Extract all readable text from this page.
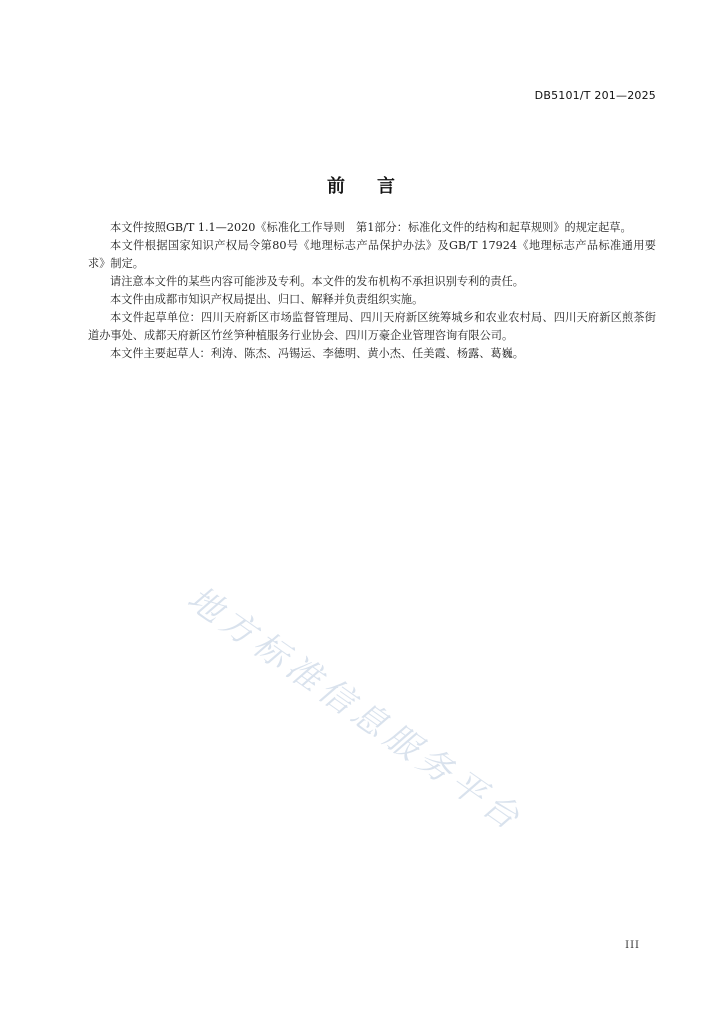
DB5101/T 201—2025
前 言

本文件按照GB/T 1.1—2020《标准化工作导则　第1部分：标准化文件的结构和起草规则》的规定起草。

本文件根据国家知识产权局令第80号《地理标志产品保护办法》及GB/T 17924《地理标志产品标准通用要求》制定。

请注意本文件的某些内容可能涉及专利。本文件的发布机构不承担识别专利的责任。

本文件由成都市知识产权局提出、归口、解释并负责组织实施。

本文件起草单位：四川天府新区市场监督管理局、四川天府新区统筹城乡和农业农村局、四川天府新区煎茶街道办事处、成都天府新区竹丝笋种植服务行业协会、四川万豪企业管理咨询有限公司。

本文件主要起草人：利涛、陈杰、冯锡运、李德明、黄小杰、任美霞、杨露、葛巍。

地方标准信息服务平台
III
